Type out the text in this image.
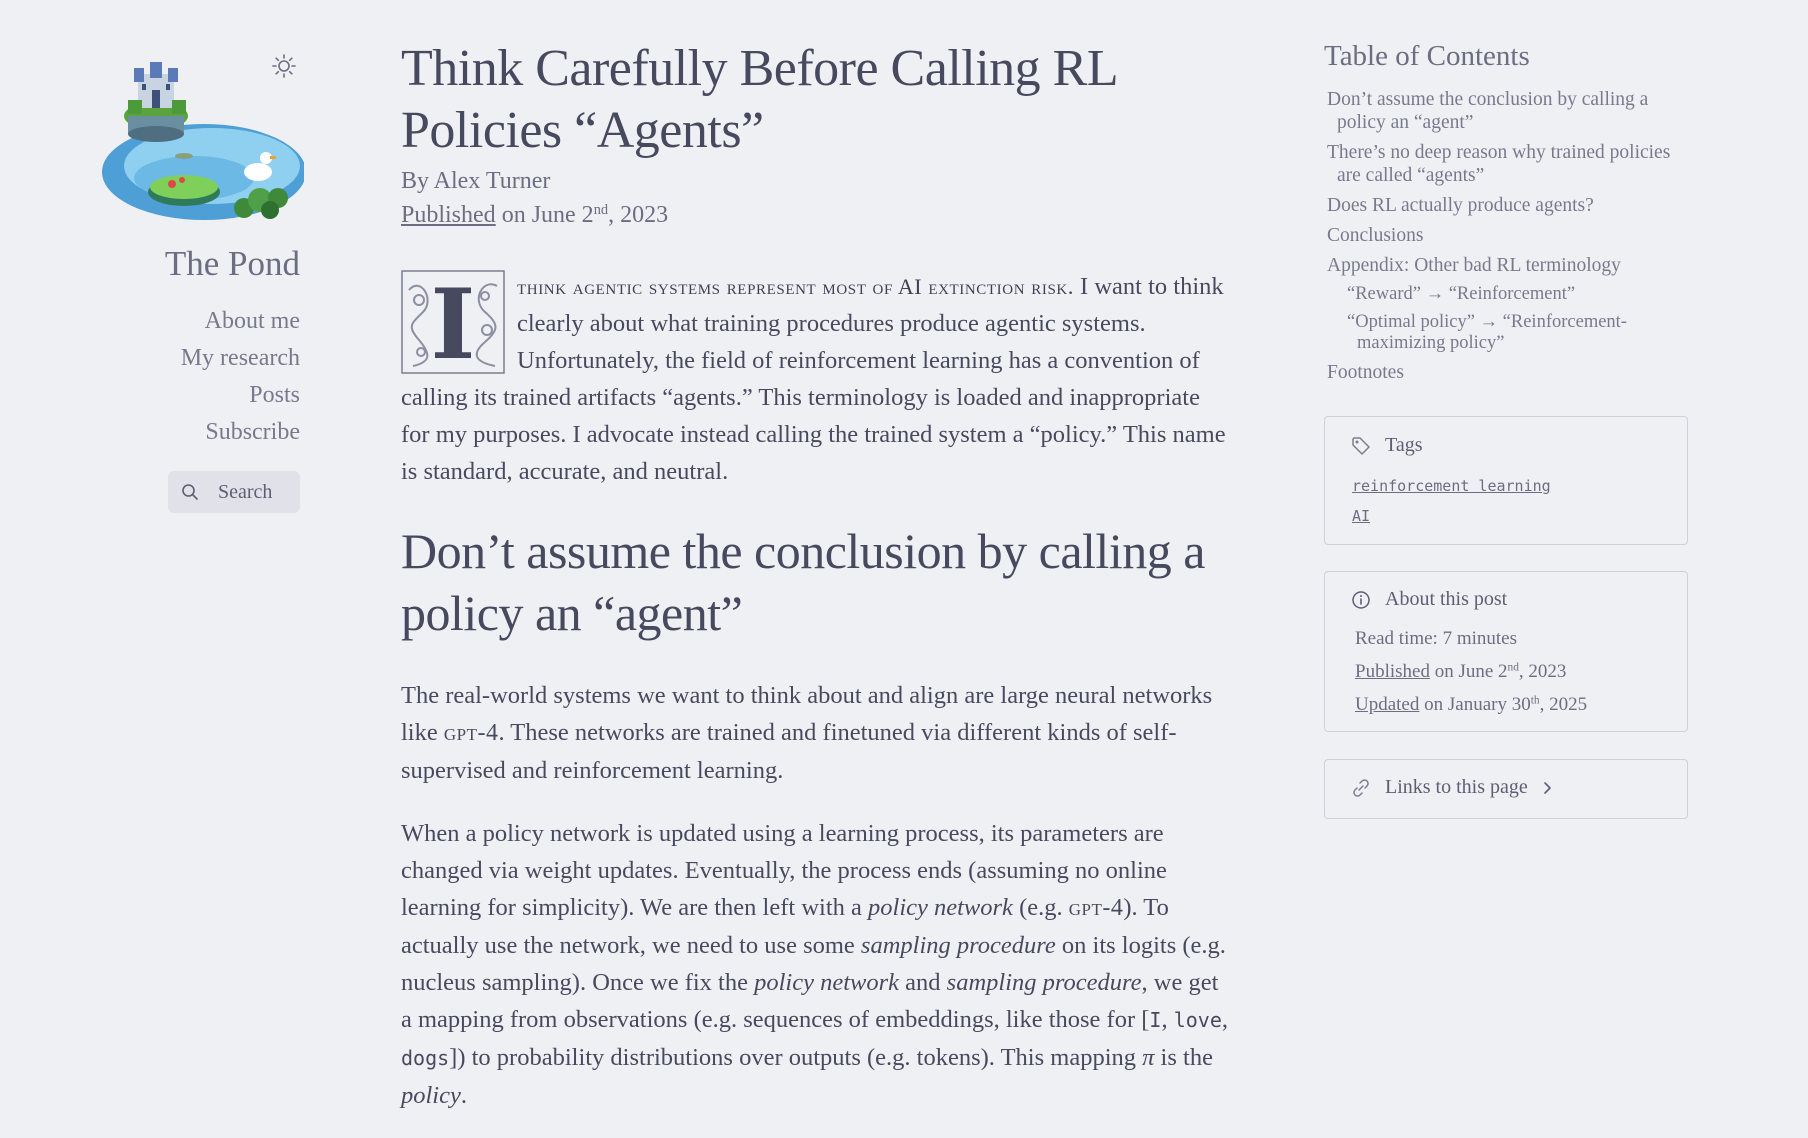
The Pond
About me
My research
Posts
Subscribe
Search
Think Carefully Before Calling RL Policies “Agents”
By Alex Turner
Published on June 2nd, 2023
I	think agentic systems represent most of AI extinction risk. I want to think clearly about what training procedures produce agentic systems. Unfortunately, the field of reinforcement learning has a convention of calling its trained artifacts “agents.” This terminology is loaded and inappropriate for my purposes. I advocate instead calling the trained system a “policy.” This name is standard, accurate, and neutral.

Don’t assume the conclusion by calling a policy an “agent”

The real-world systems we want to think about and align are large neural networks like gpt-4. These networks are trained and finetuned via different kinds of self-supervised and reinforcement learning.

When a policy network is updated using a learning process, its parameters are changed via weight updates. Eventually, the process ends (assuming no online learning for simplicity). We are then left with a policy network (e.g. gpt-4). To actually use the network, we need to use some sampling procedure on its logits (e.g. nucleus sampling). Once we fix the policy network and sampling procedure, we get a mapping from observations (e.g. sequences of embeddings, like those for [I, love, dogs]) to probability distributions over outputs (e.g. tokens). This mapping π is the policy.

Table of Contents
Don’t assume the conclusion by calling a policy an “agent”
There’s no deep reason why trained policies are called “agents”
Does RL actually produce agents?
Conclusions
Appendix: Other bad RL terminology
“Reward” → “Reinforcement”
“Optimal policy” → “Reinforcement-maximizing policy”
Footnotes
Tags
reinforcement learning
AI
About this post
Read time: 7 minutes
Published on June 2nd, 2023
Updated on January 30th, 2025
Links to this page
